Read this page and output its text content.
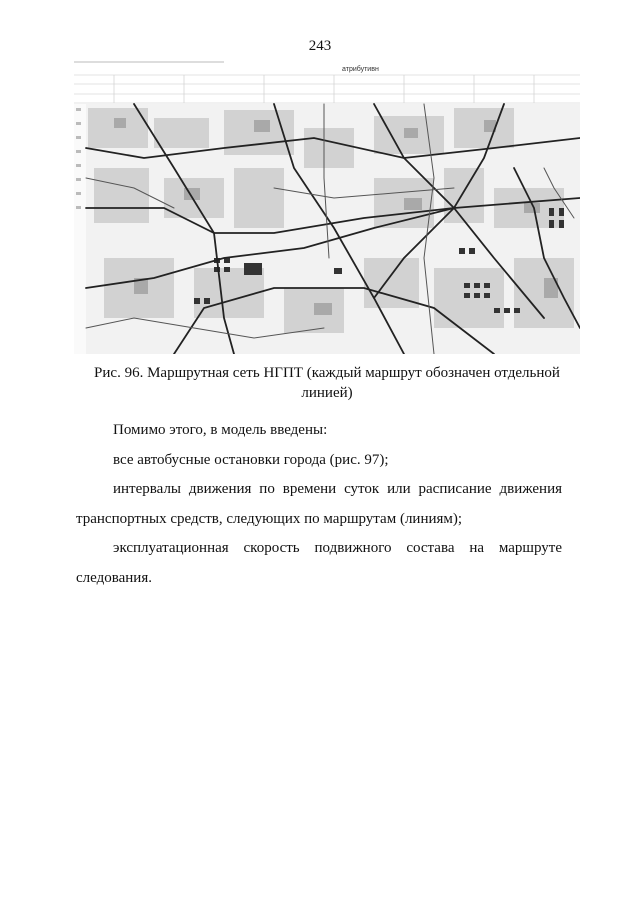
243
атрибутивн
Рис. 96. Маршрутная сеть НГПТ (каждый маршрут обозначен отдельной линией)

Помимо этого, в модель введены:

все автобусные остановки города (рис. 97);

интервалы движения по времени суток или расписание движения транспортных средств, следующих по маршрутам (линиям);

эксплуатационная скорость подвижного состава на маршруте следования.
